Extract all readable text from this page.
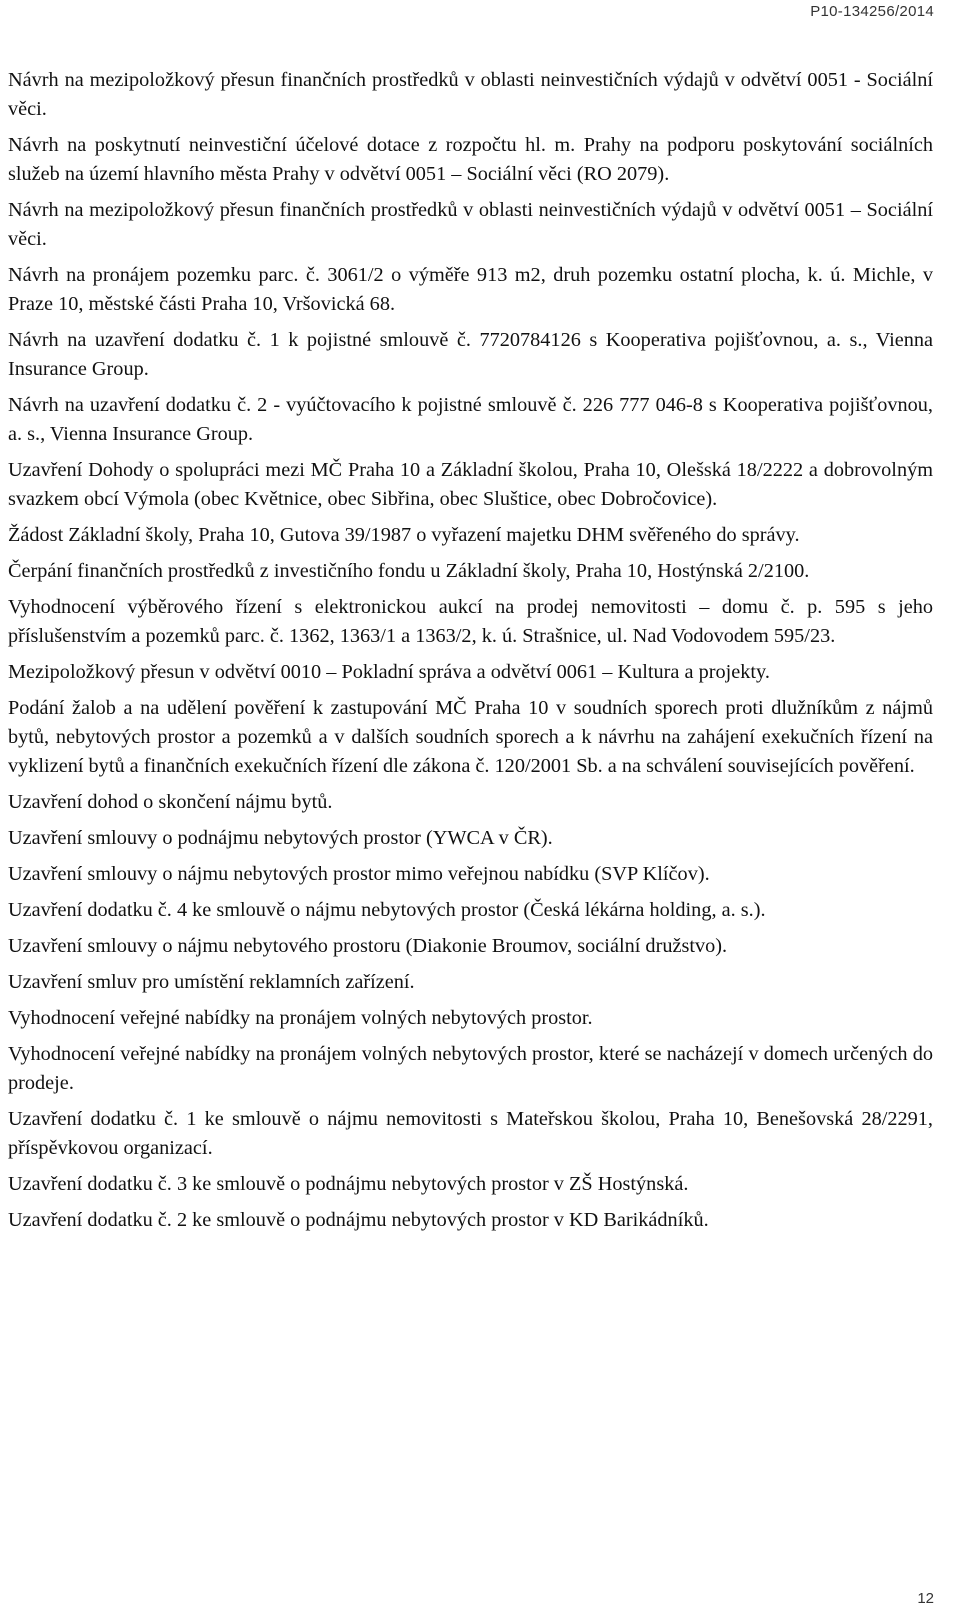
P10-134256/2014

Návrh na mezipoložkový přesun finančních prostředků v oblasti neinvestičních výdajů v odvětví 0051 - Sociální věci.

Návrh na poskytnutí neinvestiční účelové dotace z rozpočtu hl. m. Prahy na podporu poskytování sociálních služeb na území hlavního města Prahy v odvětví 0051 – Sociální věci (RO 2079).

Návrh na mezipoložkový přesun finančních prostředků v oblasti neinvestičních výdajů v odvětví 0051 – Sociální věci.

Návrh na pronájem pozemku parc. č. 3061/2 o výměře 913 m2, druh pozemku ostatní plocha, k. ú. Michle, v Praze 10, městské části Praha 10, Vršovická 68.

Návrh na uzavření dodatku č. 1 k pojistné smlouvě č. 7720784126 s Kooperativa pojišťovnou, a. s., Vienna Insurance Group.

Návrh na uzavření dodatku č. 2 - vyúčtovacího k pojistné smlouvě č. 226 777 046-8 s Kooperativa pojišťovnou, a. s., Vienna Insurance Group.

Uzavření Dohody o spolupráci mezi MČ Praha 10 a Základní školou, Praha 10, Olešská 18/2222 a dobrovolným svazkem obcí Výmola (obec Květnice, obec Sibřina, obec Sluštice, obec Dobročovice).

Žádost Základní školy, Praha 10, Gutova 39/1987 o vyřazení majetku DHM svěřeného do správy.

Čerpání finančních prostředků z investičního fondu u Základní školy, Praha 10, Hostýnská 2/2100.

Vyhodnocení výběrového řízení s elektronickou aukcí na prodej nemovitosti – domu č. p. 595 s jeho příslušenstvím a pozemků parc. č. 1362, 1363/1 a 1363/2, k. ú. Strašnice, ul. Nad Vodovodem 595/23.

Mezipoložkový přesun v odvětví 0010 – Pokladní správa a odvětví 0061 – Kultura a projekty.

Podání žalob a na udělení pověření k zastupování MČ Praha 10 v soudních sporech proti dlužníkům z nájmů bytů, nebytových prostor a pozemků a v dalších soudních sporech a k návrhu na zahájení exekučních řízení na vyklizení bytů a finančních exekučních řízení dle zákona č. 120/2001 Sb. a na schválení souvisejících pověření.

Uzavření dohod o skončení nájmu bytů.

Uzavření smlouvy o podnájmu nebytových prostor (YWCA v ČR).

Uzavření smlouvy o nájmu nebytových prostor mimo veřejnou nabídku (SVP Klíčov).

Uzavření dodatku č. 4 ke smlouvě o nájmu nebytových prostor (Česká lékárna holding, a. s.).

Uzavření smlouvy o nájmu nebytového prostoru (Diakonie Broumov, sociální družstvo).

Uzavření smluv pro umístění reklamních zařízení.

Vyhodnocení veřejné nabídky na pronájem volných nebytových prostor.

Vyhodnocení veřejné nabídky na pronájem volných nebytových prostor, které se nacházejí v domech určených do prodeje.

Uzavření dodatku č. 1 ke smlouvě o nájmu nemovitosti s Mateřskou školou, Praha 10, Benešovská 28/2291, příspěvkovou organizací.

Uzavření dodatku č. 3 ke smlouvě o podnájmu nebytových prostor v ZŠ Hostýnská.

Uzavření dodatku č. 2 ke smlouvě o podnájmu nebytových prostor v KD Barikádníků.

12
